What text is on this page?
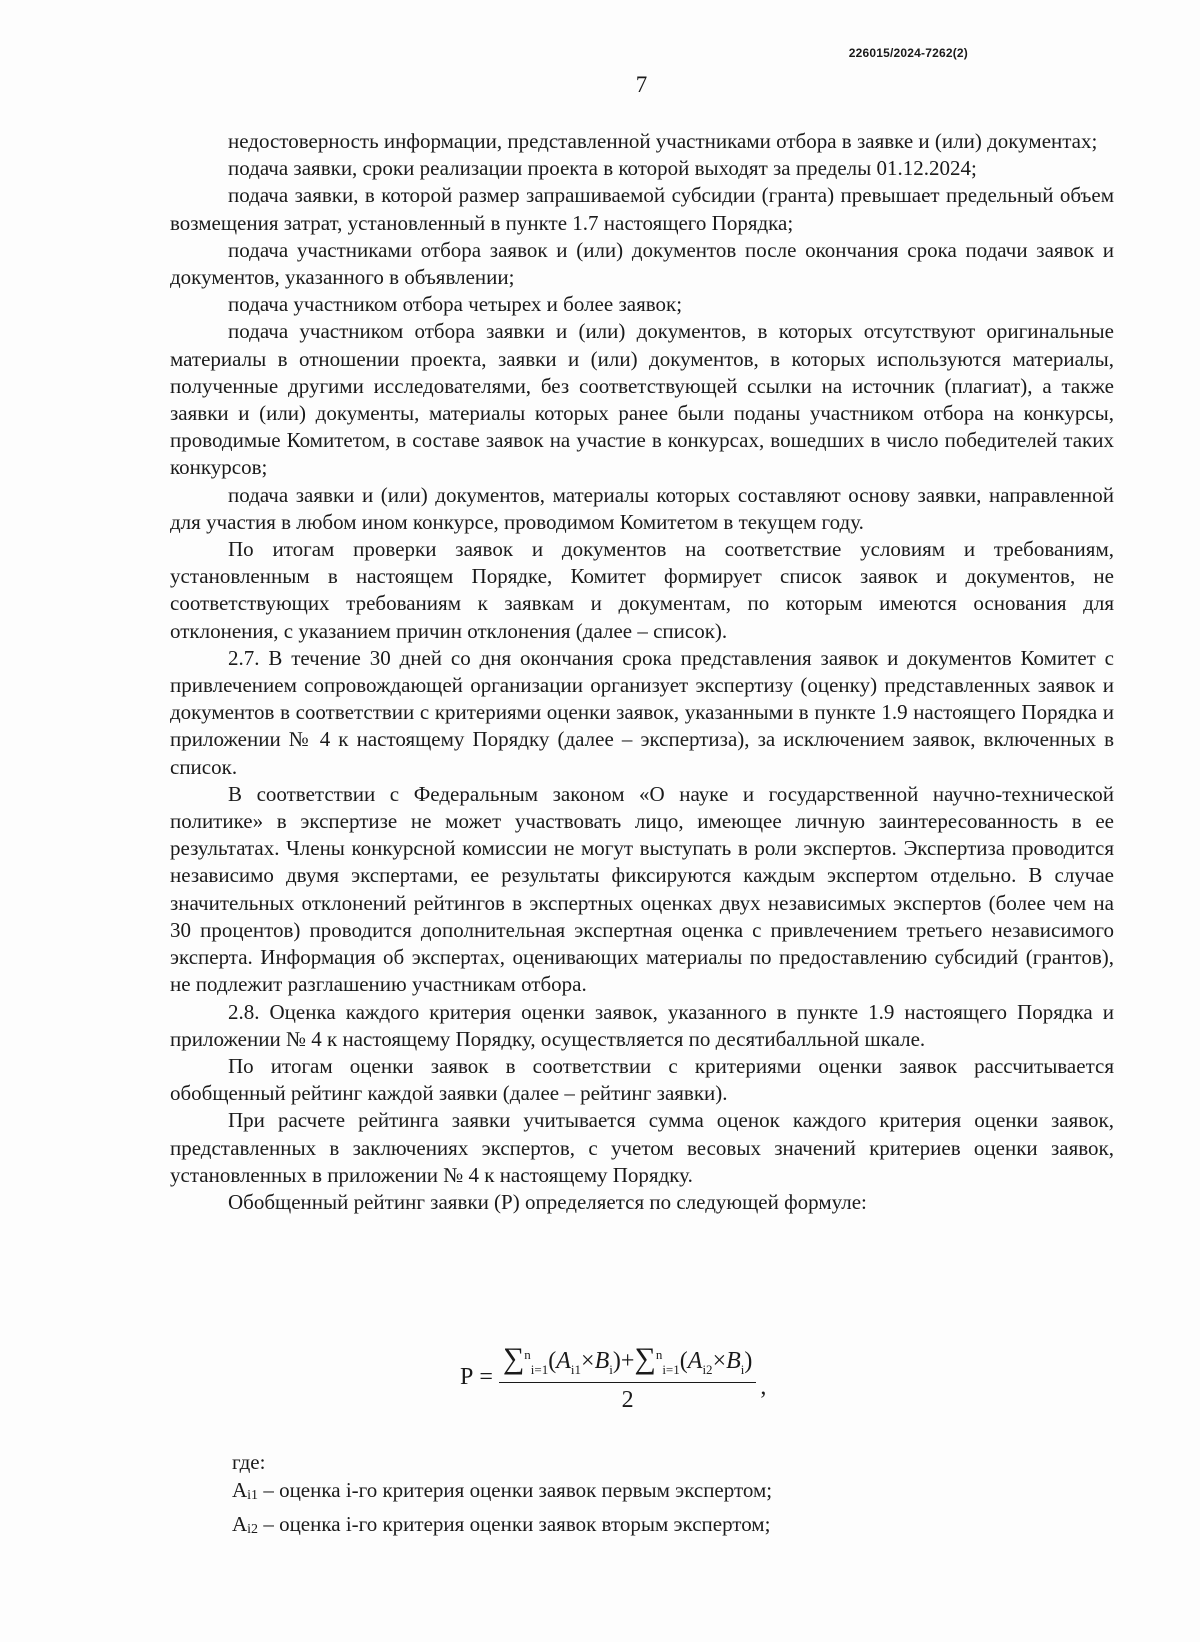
226015/2024-7262(2)
7

недостоверность информации, представленной участниками отбора в заявке и (или) документах;

подача заявки, сроки реализации проекта в которой выходят за пределы 01.12.2024;

подача заявки, в которой размер запрашиваемой субсидии (гранта) превышает предельный объем возмещения затрат, установленный в пункте 1.7 настоящего Порядка;

подача участниками отбора заявок и (или) документов после окончания срока подачи заявок и документов, указанного в объявлении;

подача участником отбора четырех и более заявок;

подача участником отбора заявки и (или) документов, в которых отсутствуют оригинальные материалы в отношении проекта, заявки и (или) документов, в которых используются материалы, полученные другими исследователями, без соответствующей ссылки на источник (плагиат), а также заявки и (или) документы, материалы которых ранее были поданы участником отбора на конкурсы, проводимые Комитетом, в составе заявок на участие в конкурсах, вошедших в число победителей таких конкурсов;

подача заявки и (или) документов, материалы которых составляют основу заявки, направленной для участия в любом ином конкурсе, проводимом Комитетом в текущем году.

По итогам проверки заявок и документов на соответствие условиям и требованиям, установленным в настоящем Порядке, Комитет формирует список заявок и документов, не соответствующих требованиям к заявкам и документам, по которым имеются основания для отклонения, с указанием причин отклонения (далее – список).

2.7. В течение 30 дней со дня окончания срока представления заявок и документов Комитет с привлечением сопровождающей организации организует экспертизу (оценку) представленных заявок и документов в соответствии с критериями оценки заявок, указанными в пункте 1.9 настоящего Порядка и приложении № 4 к настоящему Порядку (далее – экспертиза), за исключением заявок, включенных в список.

В соответствии с Федеральным законом «О науке и государственной научно-технической политике» в экспертизе не может участвовать лицо, имеющее личную заинтересованность в ее результатах. Члены конкурсной комиссии не могут выступать в роли экспертов. Экспертиза проводится независимо двумя экспертами, ее результаты фиксируются каждым экспертом отдельно. В случае значительных отклонений рейтингов в экспертных оценках двух независимых экспертов (более чем на 30 процентов) проводится дополнительная экспертная оценка с привлечением третьего независимого эксперта. Информация об экспертах, оценивающих материалы по предоставлению субсидий (грантов), не подлежит разглашению участникам отбора.

2.8. Оценка каждого критерия оценки заявок, указанного в пункте 1.9 настоящего Порядка и приложении № 4 к настоящему Порядку, осуществляется по десятибалльной шкале.

По итогам оценки заявок в соответствии с критериями оценки заявок рассчитывается обобщенный рейтинг каждой заявки (далее – рейтинг заявки).

При расчете рейтинга заявки учитывается сумма оценок каждого критерия оценки заявок, представленных в заключениях экспертов, с учетом весовых значений критериев оценки заявок, установленных в приложении № 4 к настоящему Порядку.

Обобщенный рейтинг заявки (Р) определяется по следующей формуле:

$Р = \frac{\sum^n_{i=1}(A_{i1}\times B_i)+\sum^n_{i=1}(A_{i2}\times B_i)}{2}$ ,
где:
$A_{i1}$ – оценка i-го критерия оценки заявок первым экспертом;
$A_{i2}$ – оценка i-го критерия оценки заявок вторым экспертом;
